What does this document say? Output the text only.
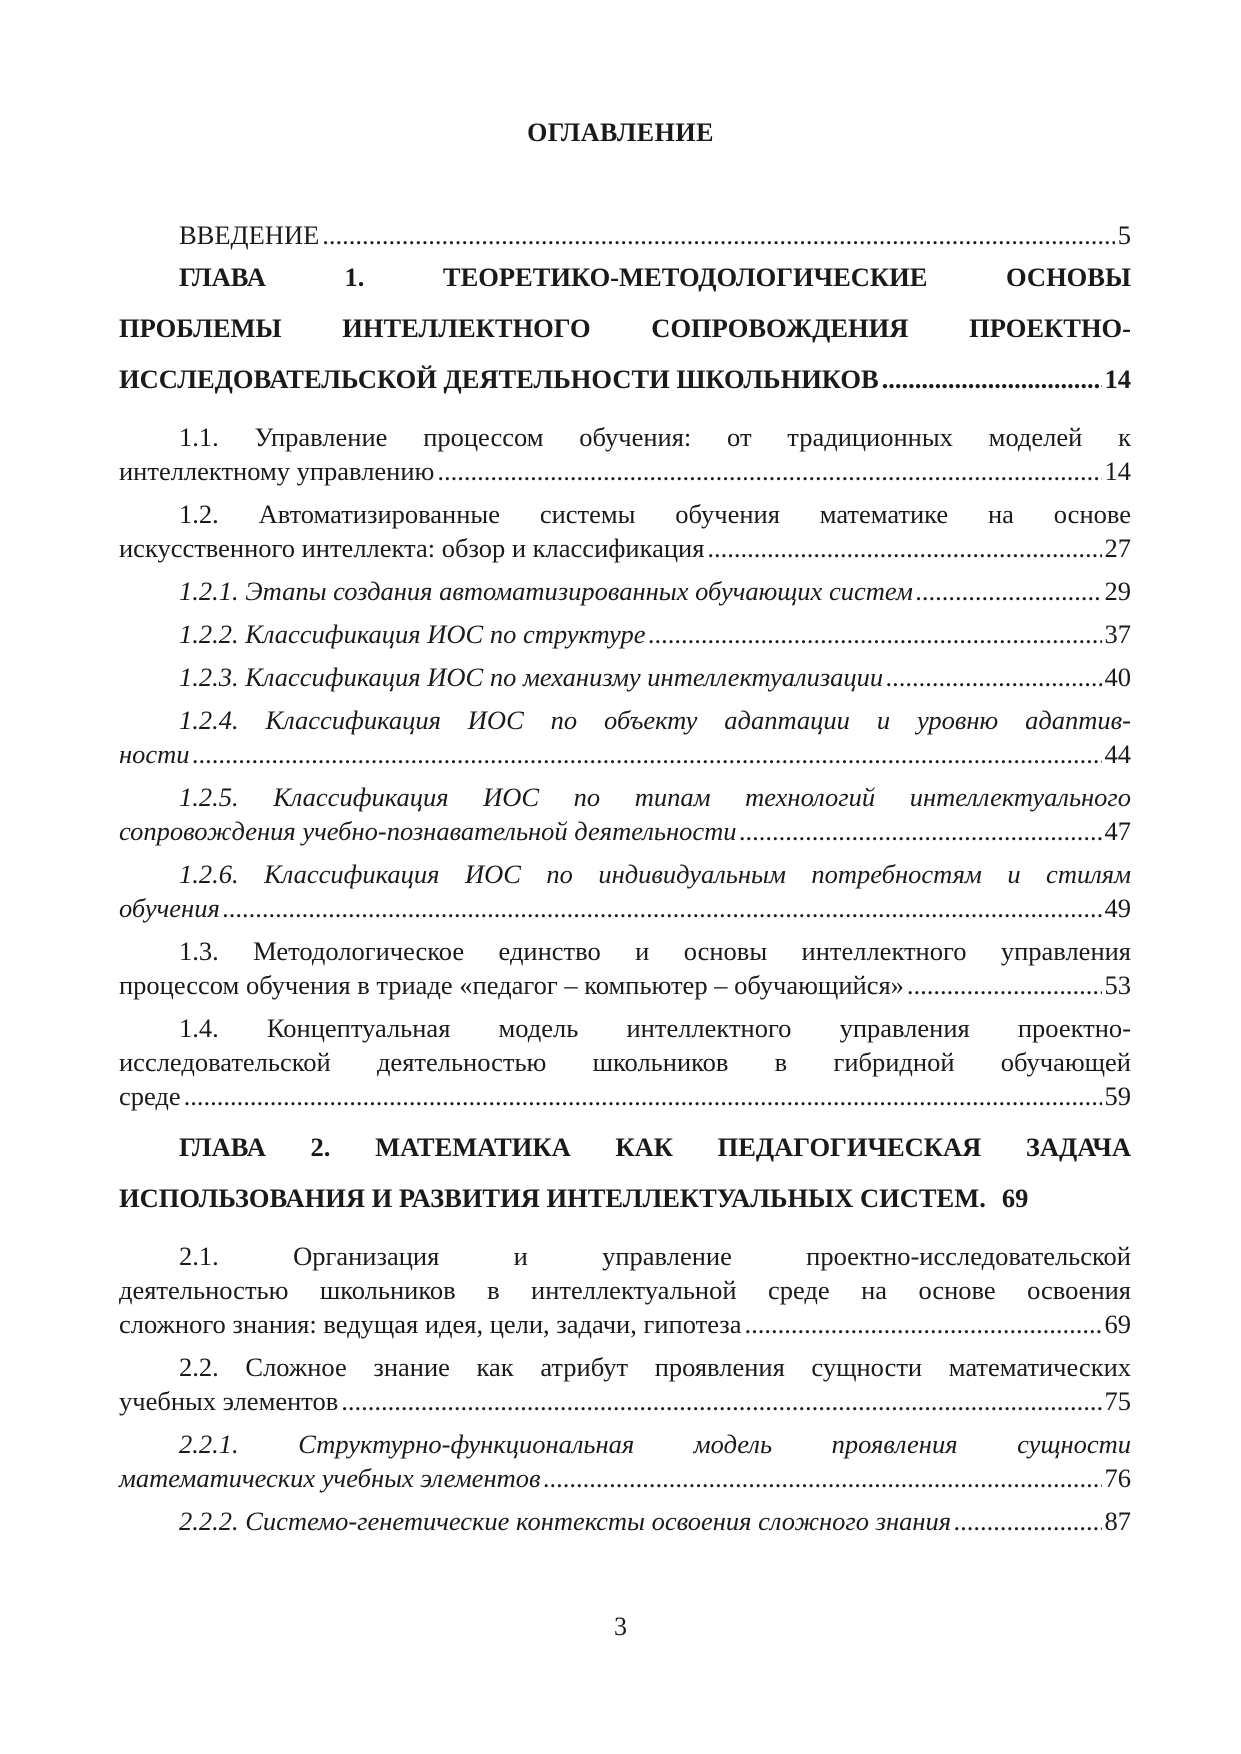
ОГЛАВЛЕНИЕ
ВВЕДЕНИЕ .....	5
ГЛАВА 1. ТЕОРЕТИКО-МЕТОДОЛОГИЧЕСКИЕ ОСНОВЫ
ПРОБЛЕМЫ ИНТЕЛЛЕКТНОГО СОПРОВОЖДЕНИЯ ПРОЕКТНО-
ИССЛЕДОВАТЕЛЬСКОЙ ДЕЯТЕЛЬНОСТИ ШКОЛЬНИКОВ .....	14
1.1. Управление процессом обучения: от традиционных моделей к
интеллектному управлению .....	14
1.2. Автоматизированные системы обучения математике на основе
искусственного интеллекта: обзор и классификация .....	27
1.2.1. Этапы создания автоматизированных обучающих систем .....	29
1.2.2. Классификация ИОС по структуре .....	37
1.2.3. Классификация ИОС по механизму интеллектуализации .....	40
1.2.4. Классификация ИОС по объекту адаптации и уровню адаптив-
ности .....	44
1.2.5. Классификация ИОС по типам технологий интеллектуального
сопровождения учебно-познавательной деятельности .....	47
1.2.6. Классификация ИОС по индивидуальным потребностям и стилям
обучения .....	49
1.3. Методологическое единство и основы интеллектного управления
процессом обучения в триаде «педагог – компьютер – обучающийся» .....	53
1.4. Концептуальная модель интеллектного управления проектно-
исследовательской деятельностью школьников в гибридной обучающей
среде .....	59
ГЛАВА 2. МАТЕМАТИКА КАК ПЕДАГОГИЧЕСКАЯ ЗАДАЧА
ИСПОЛЬЗОВАНИЯ И РАЗВИТИЯ ИНТЕЛЛЕКТУАЛЬНЫХ СИСТЕМ. 69
2.1. Организация и управление проектно-исследовательской
деятельностью школьников в интеллектуальной среде на основе освоения
сложного знания: ведущая идея, цели, задачи, гипотеза .....	69
2.2. Сложное знание как атрибут проявления сущности математических
учебных элементов .....	75
2.2.1. Структурно-функциональная модель проявления сущности
математических учебных элементов .....	76
2.2.2. Системо-генетические контексты освоения сложного знания .....	87
3
